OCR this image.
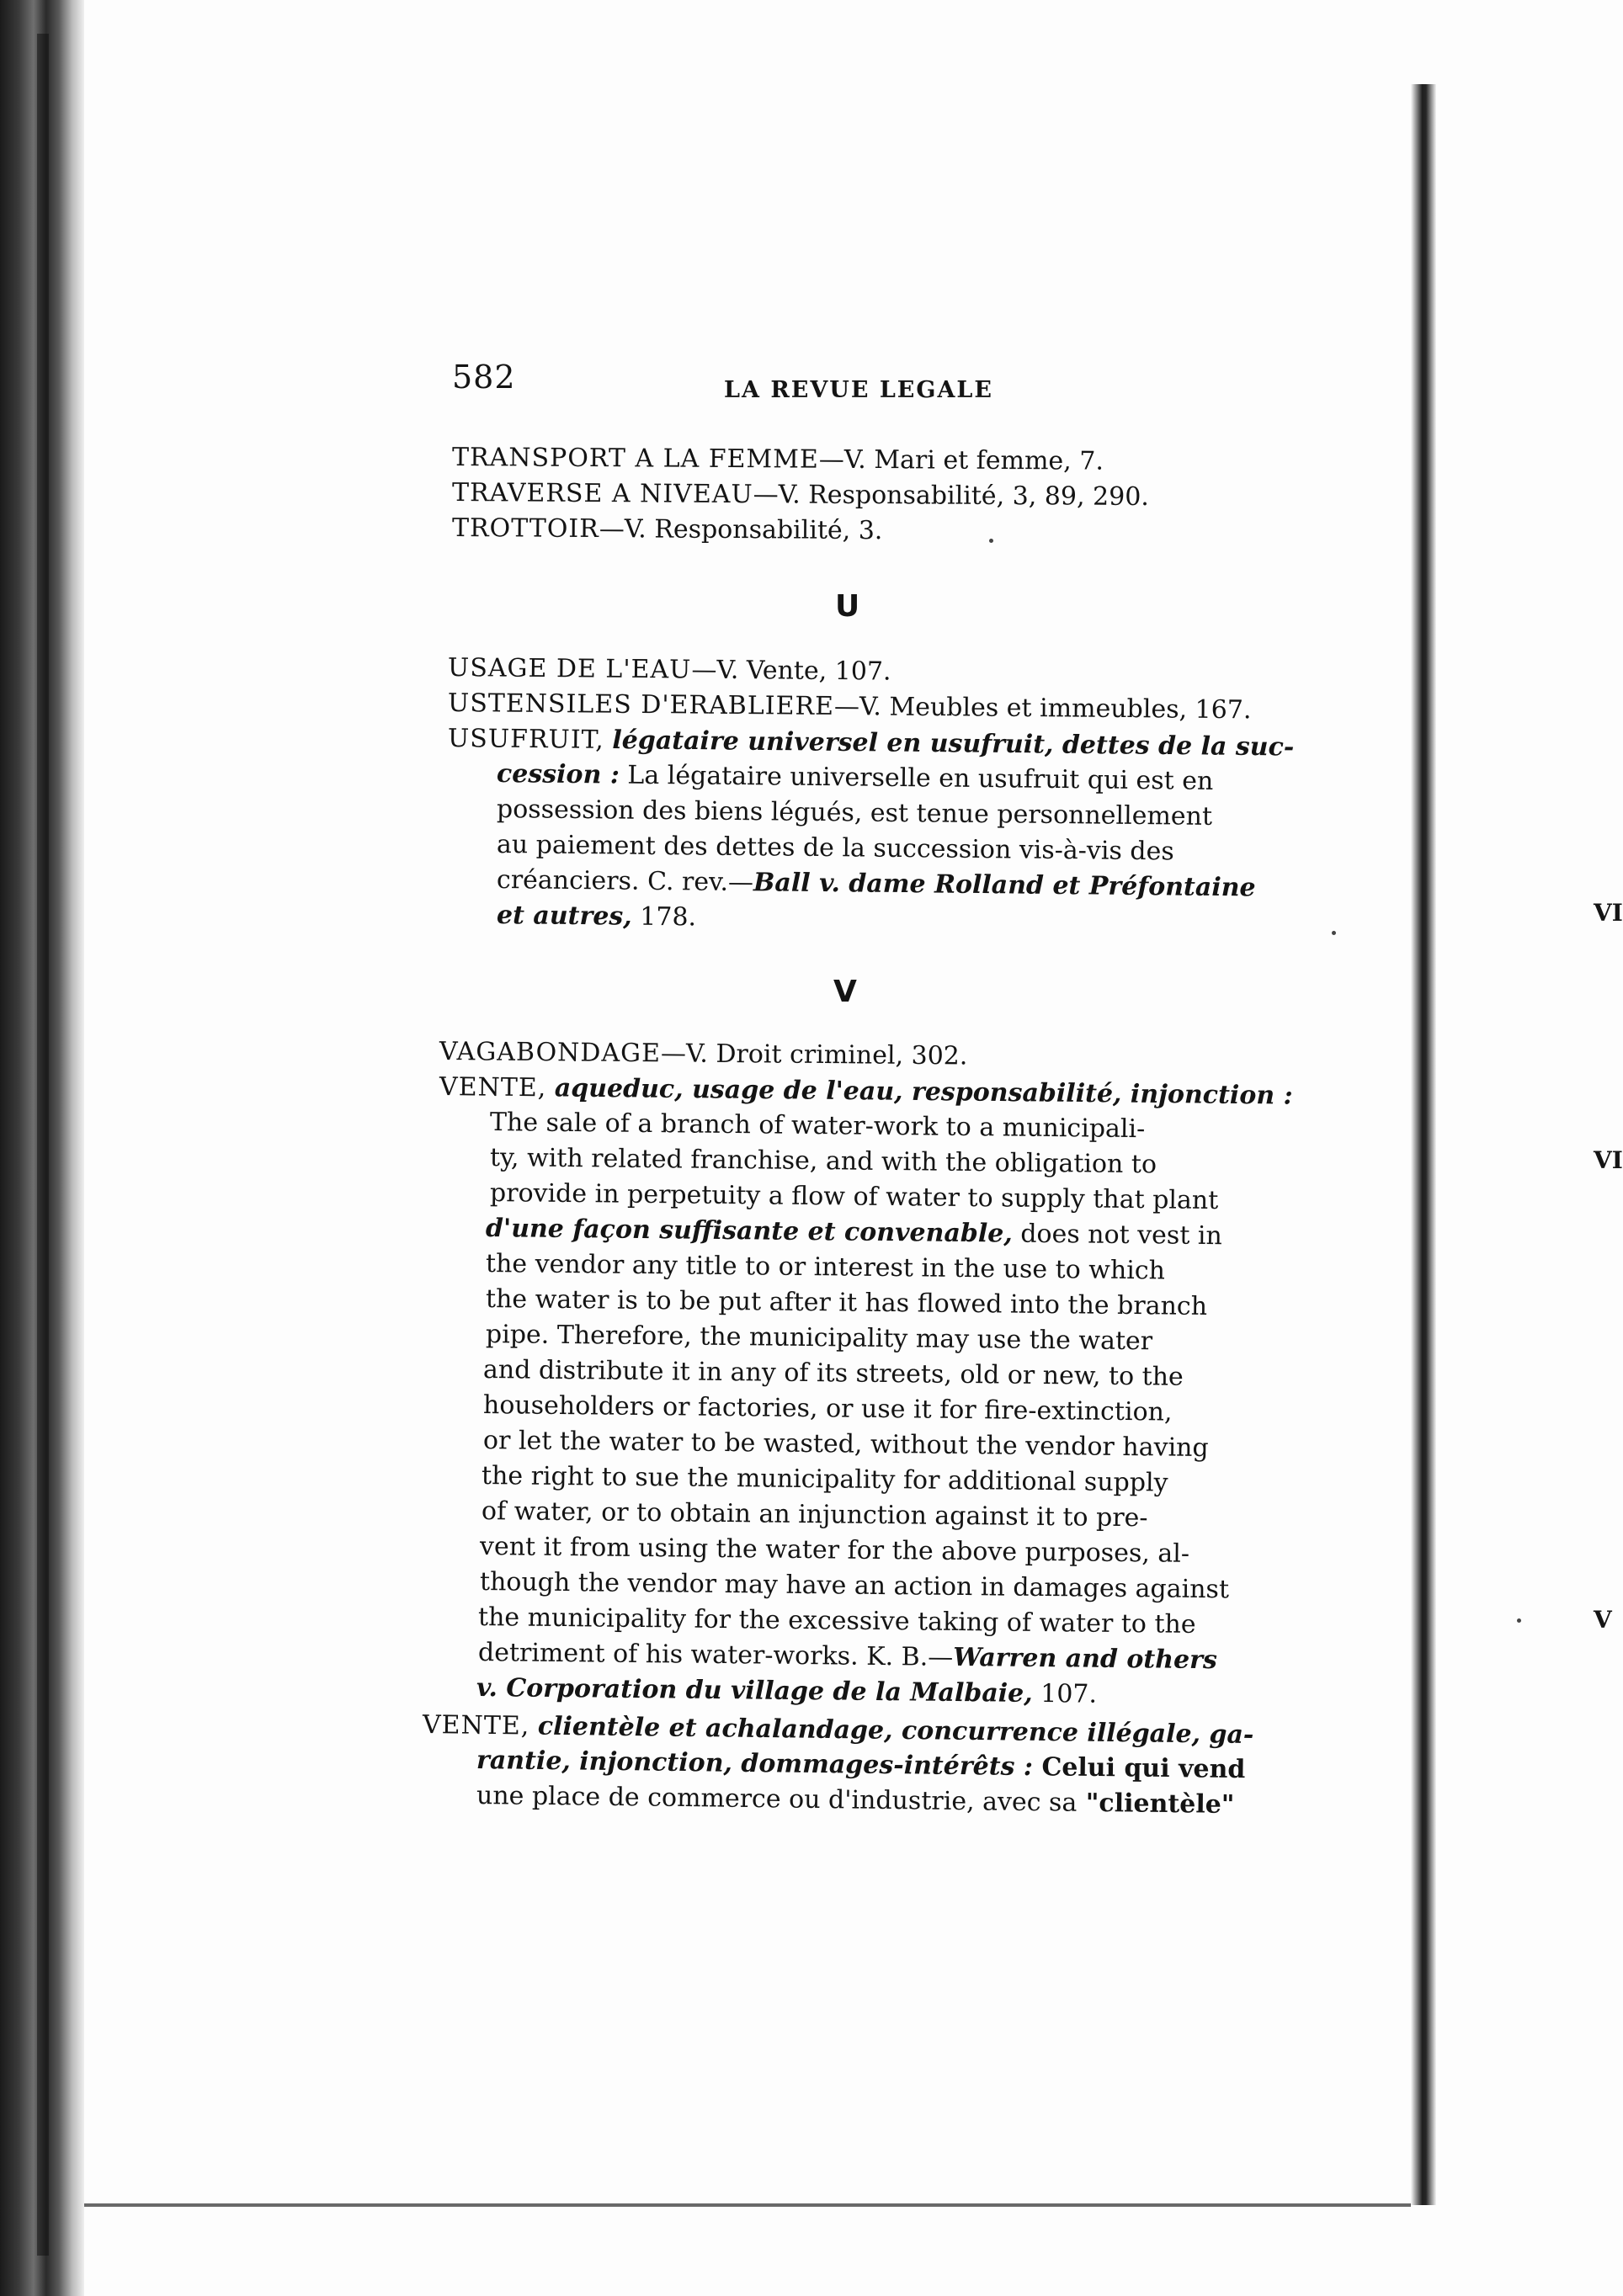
582	LA REVUE LEGALE
TRANSPORT A LA FEMME—V. Mari et femme, 7.
TRAVERSE A NIVEAU—V. Responsabilité, 3, 89, 290.
TROTTOIR—V. Responsabilité, 3.
U
USAGE DE L'EAU—V. Vente, 107.
USTENSILES D'ERABLIERE—V. Meubles et immeubles, 167.
USUFRUIT, légataire universel en usufruit, dettes de la suc-
cession : La légataire universelle en usufruit qui est en
possession des biens légués, est tenue personnellement
au paiement des dettes de la succession vis-à-vis des
créanciers. C. rev.—Ball v. dame Rolland et Préfontaine
et autres, 178.
V
VAGABONDAGE—V. Droit criminel, 302.
VENTE, aqueduc, usage de l'eau, responsabilité, injonction :
The sale of a branch of water-work to a municipali-
ty, with related franchise, and with the obligation to
provide in perpetuity a flow of water to supply that plant
d'une façon suffisante et convenable, does not vest in
the vendor any title to or interest in the use to which
the water is to be put after it has flowed into the branch
pipe. Therefore, the municipality may use the water
and distribute it in any of its streets, old or new, to the
householders or factories, or use it for fire-extinction,
or let the water to be wasted, without the vendor having
the right to sue the municipality for additional supply
of water, or to obtain an injunction against it to pre-
vent it from using the water for the above purposes, al-
though the vendor may have an action in damages against
the municipality for the excessive taking of water to the
detriment of his water-works. K. B.—Warren and others
v. Corporation du village de la Malbaie, 107.
VENTE, clientèle et achalandage, concurrence illégale, ga-
rantie, injonction, dommages-intérêts : Celui qui vend
une place de commerce ou d'industrie, avec sa "clientèle"
VI
VI
V
